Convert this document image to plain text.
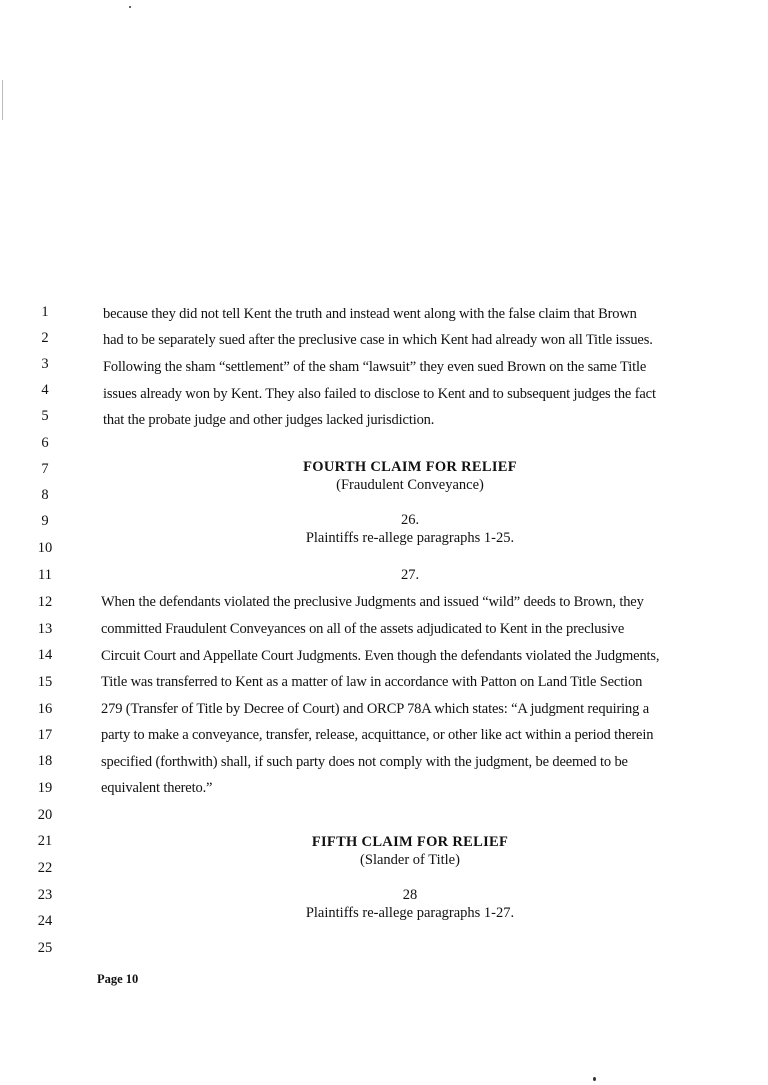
1
2
3
4
5
6
7
8
9
10
11
12
13
14
15
16
17
18
19
20
21
22
23
24
25
because they did not tell Kent the truth and instead went along with the false claim that Brown
had to be separately sued after the preclusive case in which Kent had already won all Title issues.
Following the sham “settlement” of the sham “lawsuit” they even sued Brown on the same Title
issues already won by Kent. They also failed to disclose to Kent and to subsequent judges the fact
that the probate judge and other judges lacked jurisdiction.
FOURTH CLAIM FOR RELIEF
(Fraudulent Conveyance)
26.
Plaintiffs re-allege paragraphs 1-25.
27.
When the defendants violated the preclusive Judgments and issued “wild” deeds to Brown, they
committed Fraudulent Conveyances on all of the assets adjudicated to Kent in the preclusive
Circuit Court and Appellate Court Judgments. Even though the defendants violated the Judgments,
Title was transferred to Kent as a matter of law in accordance with Patton on Land Title Section
279 (Transfer of Title by Decree of Court) and ORCP 78A which states: “A judgment requiring a
party to make a conveyance, transfer, release, acquittance, or other like act within a period therein
specified (forthwith) shall, if such party does not comply with the judgment, be deemed to be
equivalent thereto.”
FIFTH CLAIM FOR RELIEF
(Slander of Title)
28
Plaintiffs re-allege paragraphs 1-27.
Page 10
